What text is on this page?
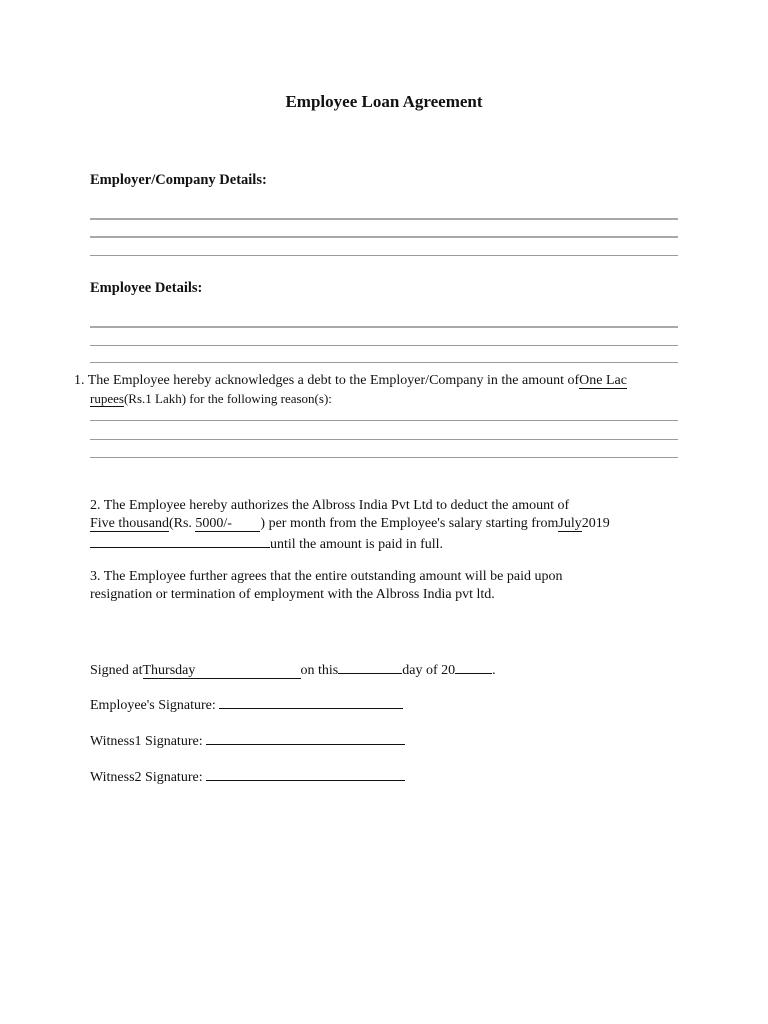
Employee Loan Agreement
Employer/Company Details:
Employee Details:
1. The Employee hereby acknowledges a debt to the Employer/Company in the amount ofOne Lac
rupees(Rs.1 Lakh) for the following reason(s):
2. The Employee hereby authorizes the Albross India Pvt Ltd to deduct the amount of
Five thousand(Rs. 5000/- ) per month from the Employee's salary starting fromJuly2019
until the amount is paid in full.
3. The Employee further agrees that the entire outstanding amount will be paid upon
resignation or termination of employment with the Albross India pvt ltd.
Signed atThursday	on this	day of 20	.
Employee's Signature:
Witness1 Signature:
Witness2 Signature:
